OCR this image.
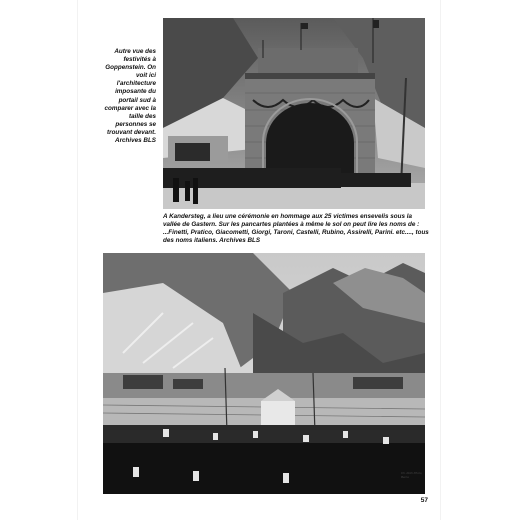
Autre vue des festivités à Goppenstein. On voit ici l'architecture imposante du portail sud à comparer avec la taille des personnes se trouvant devant. Archives BLS
A Kandersteg, a lieu une cérémonie en hommage aux 25 victimes ensevelis sous la vallée de Gastern. Sur les pancartes plantées à même le sol on peut lire les noms de : ...Finetti, Pratico, Giacometti, Giorgi, Taroni, Castelli, Rubino, Assirelli, Parini. etc...., tous des noms italiens. Archives BLS
Ch. Roth Photo, Berne
57
